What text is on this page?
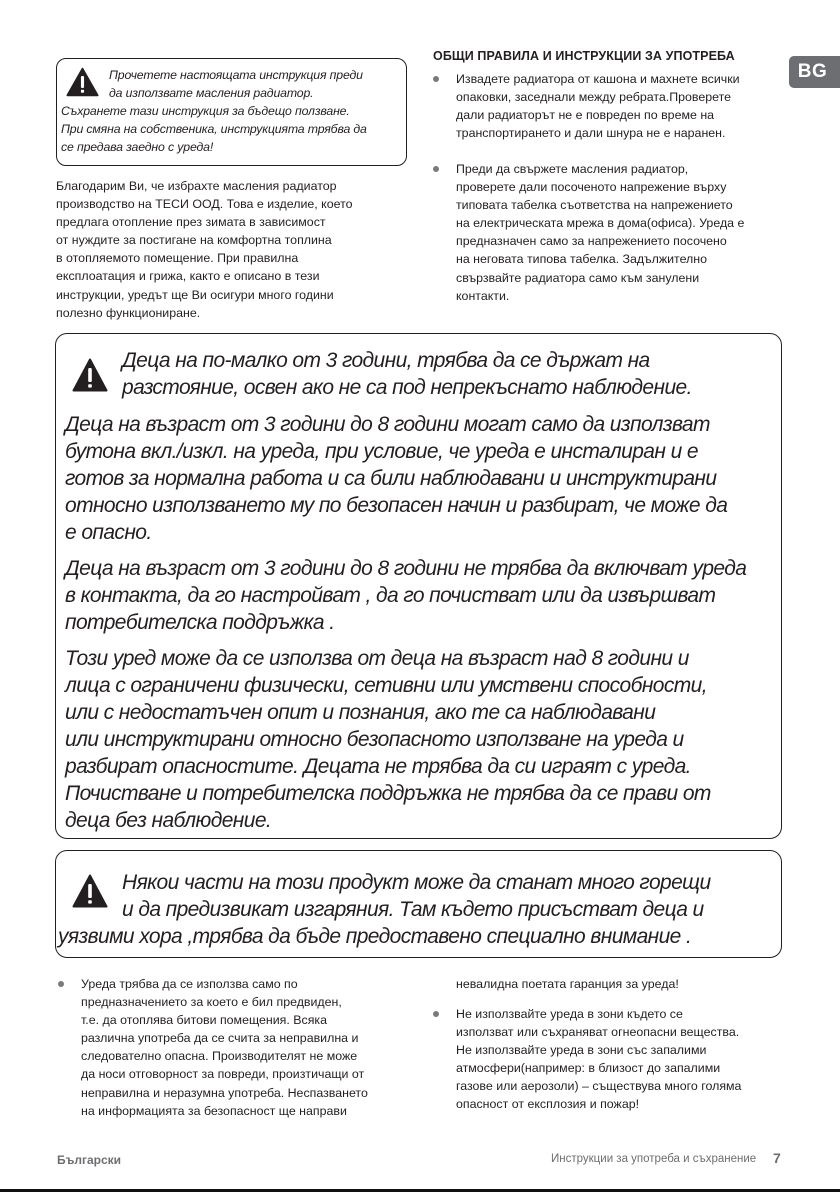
Прочетете настоящата инструкция преди
да използвате масления радиатор.
Съхранете тази инструкция за бъдещо ползване.
При смяна на собственика, инструкцията трябва да
се предава заедно с уреда!
Благодарим Ви, че избрахте масления радиатор
производство на ТЕСИ ООД. Това е изделие, което
предлага отопление през зимата в зависимост
от нуждите за постигане на комфортна топлина
в отопляемото помещение. При правилна
експлоатация и грижа, както е описано в тези
инструкции, уредът ще Ви осигури много години
полезно функциониране.
ОБЩИ ПРАВИЛА И ИНСТРУКЦИИ ЗА УПОТРЕБА
Извадете радиатора от кашона и махнете всички
опаковки, заседнали между ребрата.Проверете
дали радиаторът не е повреден по време на
транспортирането и дали шнура не е наранен.
Преди да свържете масления радиатор,
проверете дали посоченото напрежение върху
типовата табелка съответства на напрежението
на електрическата мрежа в дома(офиса). Уреда е
предназначен само за напрежението посочено
на неговата типова табелка. Задължително
свързвайте радиатора само към занулени
контакти.
BG
Деца на по-малко от 3 години, трябва да се държат на
разстояние, освен ако не са под непрекъснато наблюдение.
Деца на възраст от 3 години до 8 години могат само да използват
бутона вкл./изкл. на уреда, при условие, че уреда е инсталиран и е
готов за нормална работа и са били наблюдавани и инструктирани
относно използването му по безопасен начин и разбират, че може да
е опасно.
Деца на възраст от 3 години до 8 години не трябва да включват уреда
в контакта, да го настройват , да го почистват или да извършват
потребителска поддръжка .
Този уред може да се използва от деца на възраст над 8 години и
лица с ограничени физически, сетивни или умствени способности,
или с недостатъчен опит и познания, ако те са наблюдавани
или инструктирани относно безопасното използване на уреда и
разбират опасностите. Децата не трябва да си играят с уреда.
Почистване и потребителска поддръжка не трябва да се прави от
деца без наблюдение.
Някои части на този продукт може да станат много горещи
и да предизвикат изгаряния. Там където присъстват деца и
уязвими хора ,трябва да бъде предоставено специално внимание .
Уреда трябва да се използва само по
предназначението за което е бил предвиден,
т.е. да отоплява битови помещения. Всяка
различна употреба да се счита за неправилна и
следователно опасна. Производителят не може
да носи отговорност за повреди, произтичащи от
неправилна и неразумна употреба. Неспазването
на информацията за безопасност ще направи
невалидна поетата гаранция за уреда!
Не използвайте уреда в зони където се
използват или съхраняват огнеопасни вещества.
Не използвайте уреда в зони със запалими
атмосфери(например: в близост до запалими
газове или аерозоли) – съществува много голяма
опасност от експлозия и пожар!
Български	Инструкции за употреба и съхранение 7
